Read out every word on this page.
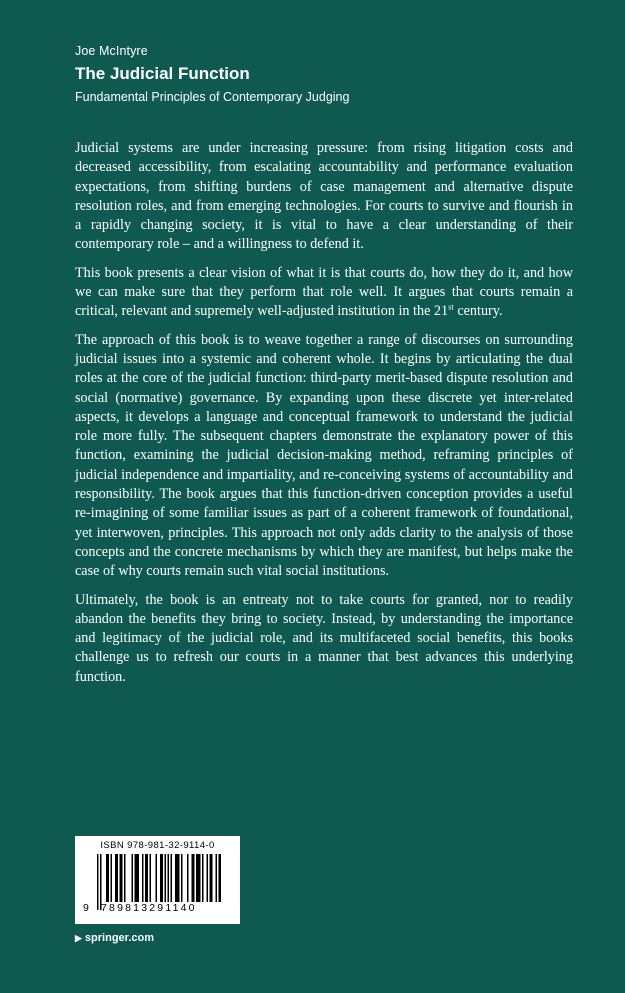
Joe McIntyre
The Judicial Function
Fundamental Principles of Contemporary Judging

Judicial systems are under increasing pressure: from rising litigation costs and decreased accessibility, from escalating accountability and performance evaluation expectations, from shifting burdens of case management and alternative dispute resolution roles, and from emerging technologies. For courts to survive and flourish in a rapidly changing society, it is vital to have a clear understanding of their contemporary role – and a willingness to defend it.

This book presents a clear vision of what it is that courts do, how they do it, and how we can make sure that they perform that role well. It argues that courts remain a critical, relevant and supremely well-adjusted institution in the 21st century.

The approach of this book is to weave together a range of discourses on surrounding judicial issues into a systemic and coherent whole. It begins by articulating the dual roles at the core of the judicial function: third-party merit-based dispute resolution and social (normative) governance. By expanding upon these discrete yet inter-related aspects, it develops a language and conceptual framework to understand the judicial role more fully. The subsequent chapters demonstrate the explanatory power of this function, examining the judicial decision-making method, reframing principles of judicial independence and impartiality, and re-conceiving systems of accountability and responsibility. The book argues that this function-driven conception provides a useful re-imagining of some familiar issues as part of a coherent framework of foundational, yet interwoven, principles. This approach not only adds clarity to the analysis of those concepts and the concrete mechanisms by which they are manifest, but helps make the case of why courts remain such vital social institutions.

Ultimately, the book is an entreaty not to take courts for granted, nor to readily abandon the benefits they bring to society. Instead, by understanding the importance and legitimacy of the judicial role, and its multifaceted social benefits, this books challenge us to refresh our courts in a manner that best advances this underlying function.

ISBN 978-981-32-9114-0
9 789813291140
▶ springer.com
